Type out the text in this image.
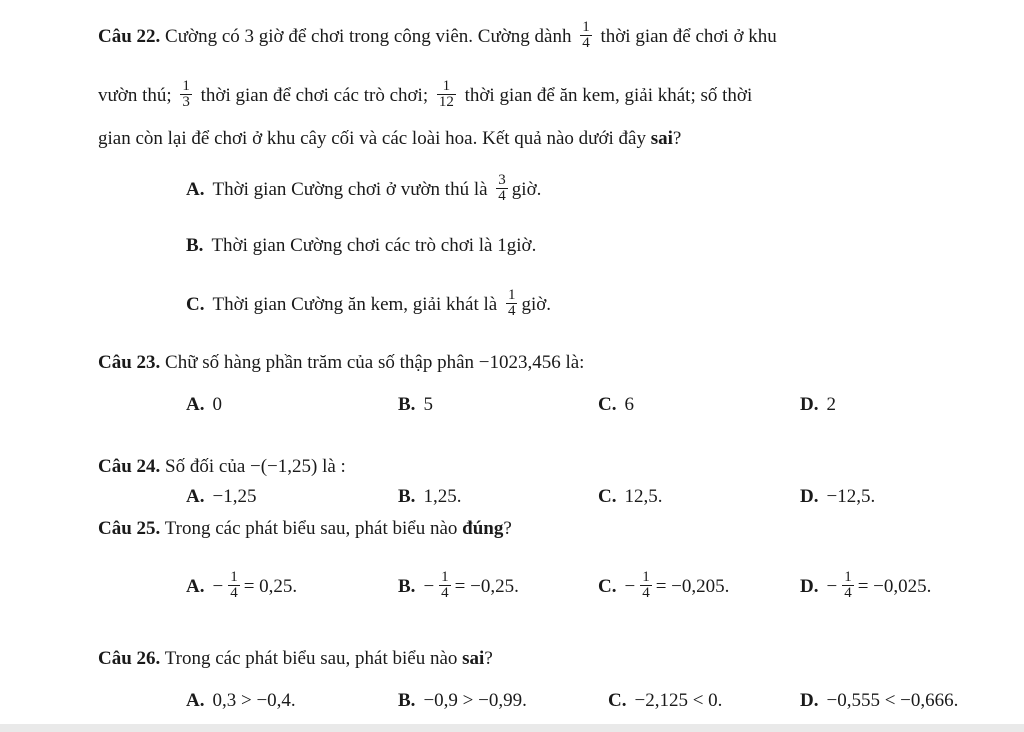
Câu 22. Cường có 3 giờ để chơi trong công viên. Cường dành $\frac{1}{4}$ thời gian để chơi ở khu
vườn thú; $\frac{1}{3}$ thời gian để chơi các trò chơi; $\frac{1}{12}$ thời gian để ăn kem, giải khát; số thời
gian còn lại để chơi ở khu cây cối và các loài hoa. Kết quả nào dưới đây sai?
A. Thời gian Cường chơi ở vườn thú là $\frac{3}{4}$ giờ.
B. Thời gian Cường chơi các trò chơi là 1giờ.
C. Thời gian Cường ăn kem, giải khát là $\frac{1}{4}$ giờ.
Câu 23. Chữ số hàng phần trăm của số thập phân −1023,456 là:
A. 0	B. 5	C. 6	D. 2
Câu 24. Số đối của −(−1,25) là :
A. −1,25	B. 1,25.	C. 12,5.	D. −12,5.
Câu 25. Trong các phát biểu sau, phát biểu nào đúng?
A. − $\frac{1}{4} = 0,25$.	B. − $\frac{1}{4} = -0,25$.	C. − $\frac{1}{4} = -0,205$.	D. − $\frac{1}{4} = -0,025$.
Câu 26. Trong các phát biểu sau, phát biểu nào sai?
A. 0,3 > −0,4.	B. −0,9 > −0,99.	C. −2,125 < 0.	D. −0,555 < −0,666.
